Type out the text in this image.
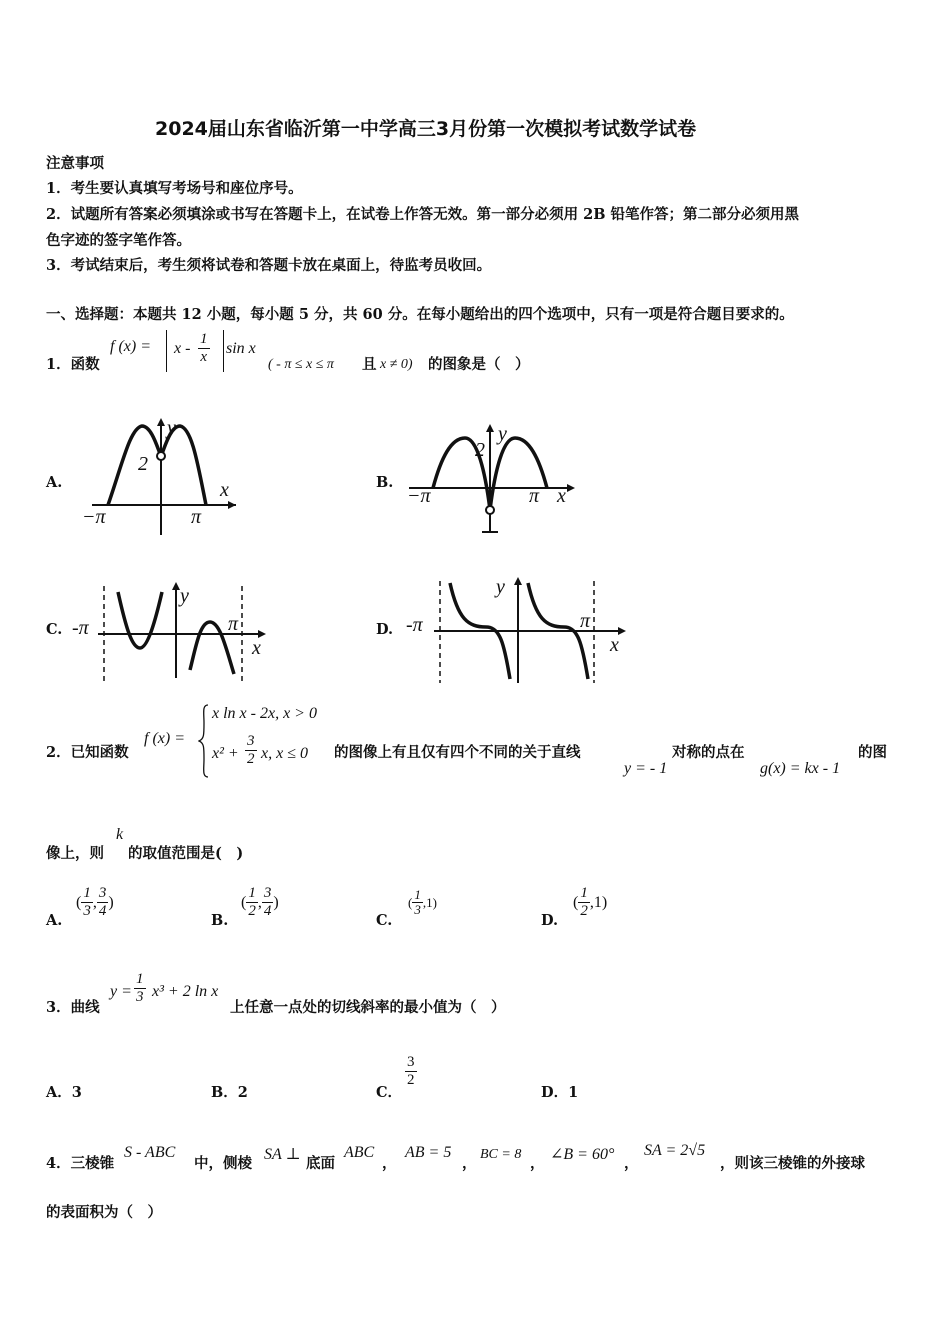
2024届山东省临沂第一中学高三3月份第一次模拟考试数学试卷
注意事项
1．考生要认真填写考场号和座位序号。
2．试题所有答案必须填涂或书写在答题卡上，在试卷上作答无效。第一部分必须用 2B 铅笔作答；第二部分必须用黑
色字迹的签字笔作答。
3．考试结束后，考生须将试卷和答题卡放在桌面上，待监考员收回。
一、选择题：本题共 12 小题，每小题 5 分，共 60 分。在每小题给出的四个选项中，只有一项是符合题目要求的。
1．函数
f $(x) = x - \frac{1}{x}$ sin x
( - π ≤ x ≤ π 且 x ≠ 0) 的图象是（　）
A.	B.
C.	D.
2
y
x
−π	π
2
y
x
−π	π
-π	π
y
x
-π	π
y
x
2．已知函数
f (x) =
x ln x - 2x, x > 0
$x^2 + \frac{3}{2} x$, x ≤ 0 的图像上有且仅有四个不同的关于直线
y = - 1
对称的点在
g(x) = kx - 1
的图
像上，则
k
的取值范围是(　)
A.
( $\frac{1}{3}$ , $\frac{3}{4}$ )
B.
( $\frac{1}{2}$ , $\frac{3}{4}$ )
C.
( $\frac{1}{3} ,1$)
D.
( $\frac{1}{2} ,1$)
3．曲线
$y = \frac{1}{3} x^3 + 2$ ln x
上任意一点处的切线斜率的最小值为（　）
A．3	B．2	C．
$\frac{3}{2}$
D．1
4．三棱锥
S - ABC
中，侧棱
SA ⊥
底面
ABC
，
AB = 5
，
BC = 8
，
∠B = 60°
，
SA = 2√5
，则该三棱锥的外接球
的表面积为（　）
